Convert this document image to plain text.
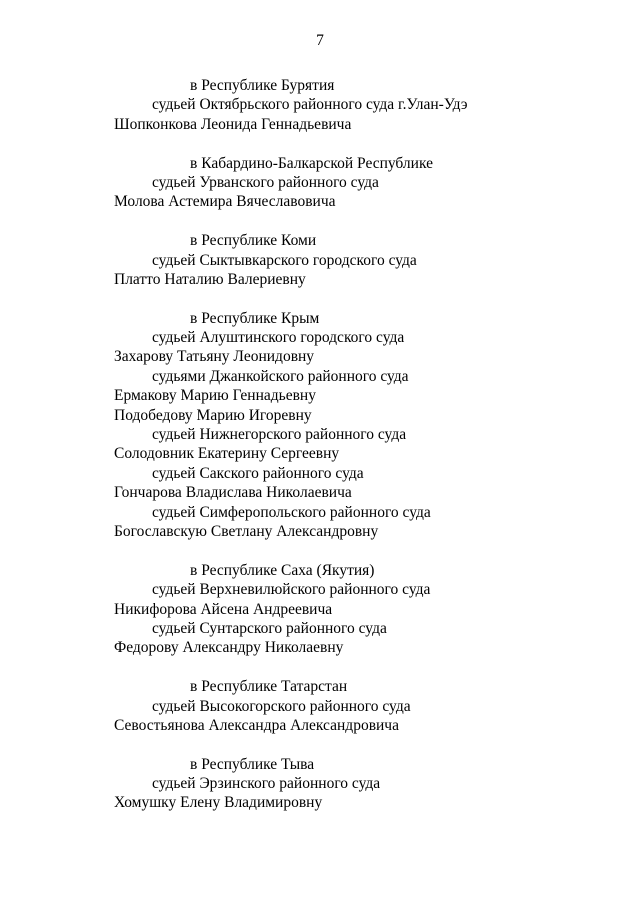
7
в Республике Бурятия
судьей Октябрьского районного суда г.Улан-Удэ
Шопконкова Леонида Геннадьевича
в Кабардино-Балкарской Республике
судьей Урванского районного суда
Молова Астемира Вячеславовича
в Республике Коми
судьей Сыктывкарского городского суда
Платто Наталию Валериевну
в Республике Крым
судьей Алуштинского городского суда
Захарову Татьяну Леонидовну
судьями Джанкойского районного суда
Ермакову Марию Геннадьевну
Подобедову Марию Игоревну
судьей Нижнегорского районного суда
Солодовник Екатерину Сергеевну
судьей Сакского районного суда
Гончарова Владислава Николаевича
судьей Симферопольского районного суда
Богославскую Светлану Александровну
в Республике Саха (Якутия)
судьей Верхневилюйского районного суда
Никифорова Айсена Андреевича
судьей Сунтарского районного суда
Федорову Александру Николаевну
в Республике Татарстан
судьей Высокогорского районного суда
Севостьянова Александра Александровича
в Республике Тыва
судьей Эрзинского районного суда
Хомушку Елену Владимировну
